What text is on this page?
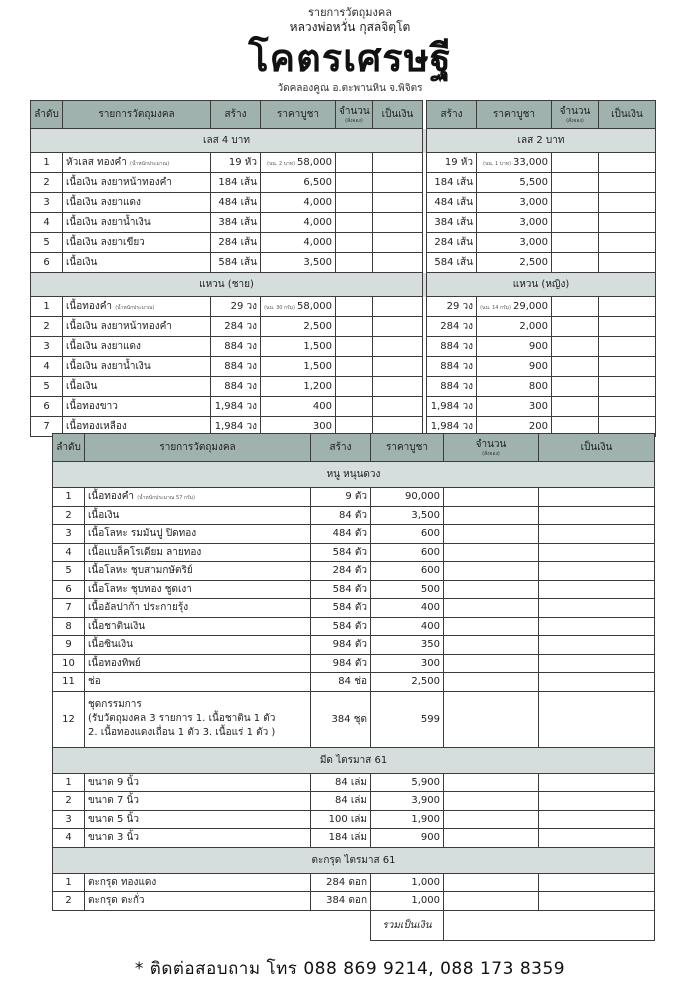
รายการวัตถุมงคล
หลวงพ่อหวั่น กุสลจิตฺโต
โคตรเศรษฐี
วัดคลองคูณ อ.ตะพานหิน จ.พิจิตร
ลำดับ	รายการวัตถุมงคล	สร้าง	ราคาบูชา	จำนวน
(สั่งจอง)	เป็นเงิน		สร้าง	ราคาบูชา	จำนวน
(สั่งจอง)	เป็นเงิน
เลส 4 บาท							เลส 2 บาท			
1	หัวเลส ทองคำ (น้ำหนักประมาณ)	19 หัว	(นน. 2 บาท) 58,000				19 หัว	(นน. 1 บาท) 33,000		
2	เนื้อเงิน ลงยาหน้าทองคำ	184 เส้น	6,500				184 เส้น	5,500		
3	เนื้อเงิน ลงยาแดง	484 เส้น	4,000				484 เส้น	3,000		
4	เนื้อเงิน ลงยาน้ำเงิน	384 เส้น	4,000				384 เส้น	3,000		
5	เนื้อเงิน ลงยาเขียว	284 เส้น	4,000				284 เส้น	3,000		
6	เนื้อเงิน	584 เส้น	3,500				584 เส้น	2,500		
แหวน (ชาย)							แหวน (หญิง)			
1	เนื้อทองคำ (น้ำหนักประมาณ)	29 วง	(นน. 30 กรัม) 58,000				29 วง	(นน. 14 กรัม) 29,000		
2	เนื้อเงิน ลงยาหน้าทองคำ	284 วง	2,500				284 วง	2,000		
3	เนื้อเงิน ลงยาแดง	884 วง	1,500				884 วง	900		
4	เนื้อเงิน ลงยาน้ำเงิน	884 วง	1,500				884 วง	900		
5	เนื้อเงิน	884 วง	1,200				884 วง	800		
6	เนื้อทองขาว	1,984 วง	400				1,984 วง	300		
7	เนื้อทองเหลือง	1,984 วง	300				1,984 วง	200		
ลำดับ	รายการวัตถุมงคล	สร้าง	ราคาบูชา	จำนวน
(สั่งจอง)	เป็นเงิน
หนู หนุนดวง					
1	เนื้อทองคำ (น้ำหนักประมาณ 57 กรัม)	9 ตัว	90,000		
2	เนื้อเงิน	84 ตัว	3,500		
3	เนื้อโลหะ รมมันปู ปิดทอง	484 ตัว	600		
4	เนื้อแบล็คโรเดียม ลายทอง	584 ตัว	600		
5	เนื้อโลหะ ชุบสามกษัตริย์	284 ตัว	600		
6	เนื้อโลหะ ชุบทอง ชูดเงา	584 ตัว	500		
7	เนื้ออัลปาก้า ประกายรุ้ง	584 ตัว	400		
8	เนื้อชาตินเงิน	584 ตัว	400		
9	เนื้อซินเงิน	984 ตัว	350		
10	เนื้อทองทิพย์	984 ตัว	300		
11	ช่อ	84 ช่อ	2,500		
12	ชุดกรรมการ
(รับวัตถุมงคล 3 รายการ 1. เนื้อชาติน 1 ตัว
2. เนื้อทองแดงเถื่อน 1 ตัว 3. เนื้อแร่ 1 ตัว )	384 ชุด	599		
มีด ไตรมาส 61					
1	ขนาด 9 นิ้ว	84 เล่ม	5,900		
2	ขนาด 7 นิ้ว	84 เล่ม	3,900		
3	ขนาด 5 นิ้ว	100 เล่ม	1,900		
4	ขนาด 3 นิ้ว	184 เล่ม	900		
ตะกรุด ไตรมาส 61					
1	ตะกรุด ทองแดง	284 ดอก	1,000		
2	ตะกรุด ตะกั่ว	384 ดอก	1,000		
			รวมเป็นเงิน		
* ติดต่อสอบถาม โทร 088 869 9214, 088 173 8359
